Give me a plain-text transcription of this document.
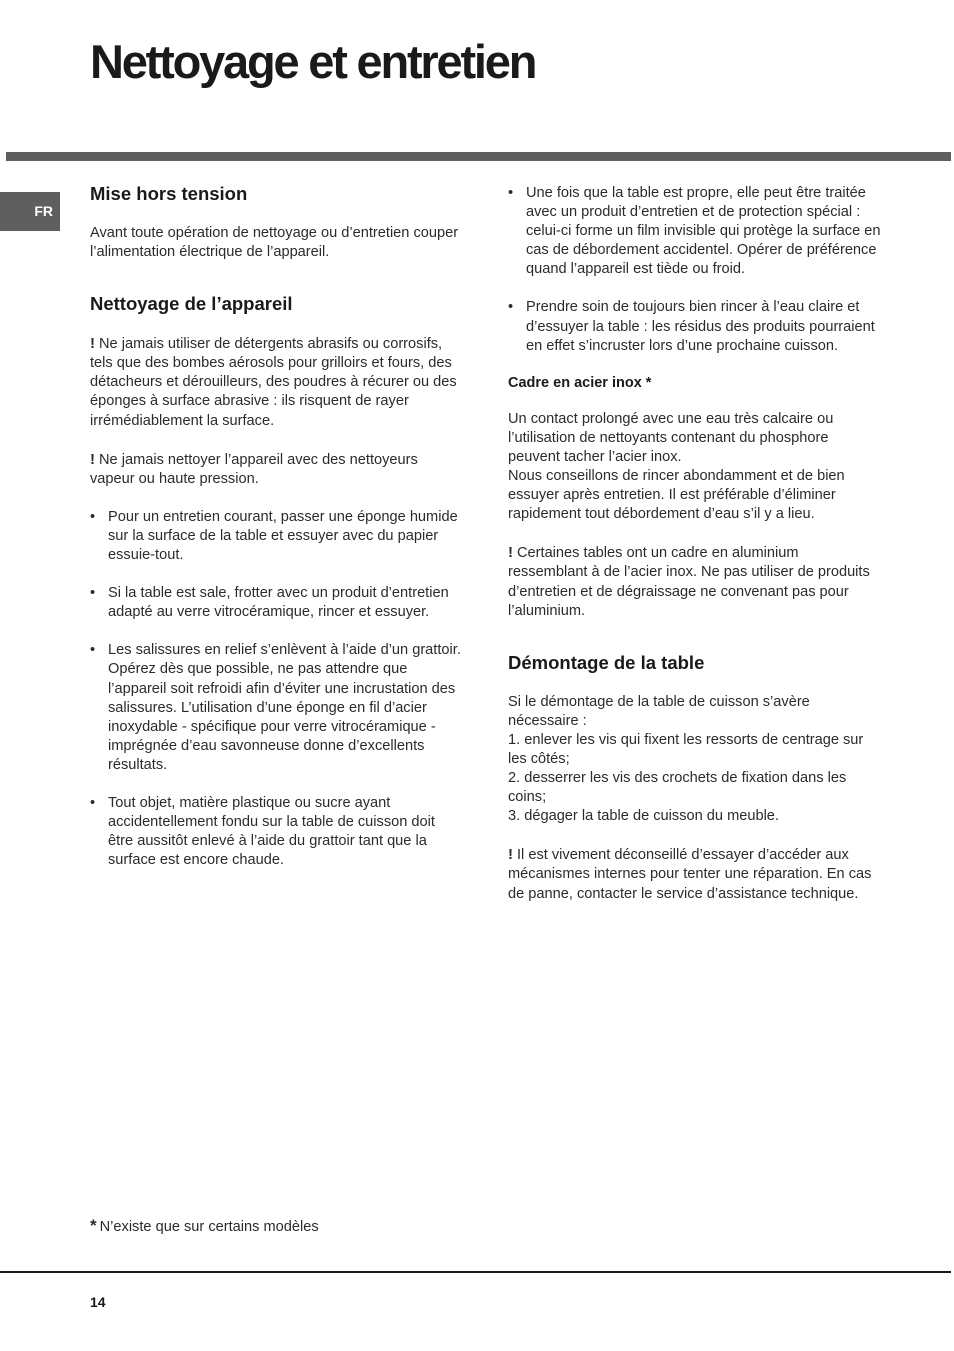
Nettoyage et entretien
FR
Mise hors tension

Avant toute opération de nettoyage ou d’entretien couper l’alimentation électrique de l’appareil.

Nettoyage de l’appareil

! Ne jamais utiliser de détergents abrasifs ou corrosifs, tels que des bombes aérosols pour grilloirs et fours, des détacheurs et dérouilleurs, des poudres à récurer ou des éponges à surface abrasive : ils risquent de rayer irrémédiablement la surface.

! Ne jamais nettoyer l’appareil avec des nettoyeurs vapeur ou haute pression.

• Pour un entretien courant, passer une éponge humide sur la surface de la table et essuyer avec du papier essuie-tout.
• Si la table est sale, frotter avec un produit d’entretien adapté au verre vitrocéramique, rincer et essuyer.
• Les salissures en relief s’enlèvent à l’aide d’un grattoir. Opérez dès que possible, ne pas attendre que l’appareil soit refroidi afin d’éviter une incrustation des salissures. L’utilisation d’une éponge en fil d’acier inoxydable - spécifique pour verre vitrocéramique - imprégnée d’eau savonneuse donne d’excellents résultats.
• Tout objet, matière plastique ou sucre ayant accidentellement fondu sur la table de cuisson doit être aussitôt enlevé à l’aide du grattoir tant que la surface est encore chaude.
• Une fois que la table est propre, elle peut être traitée avec un produit d’entretien et de protection spécial : celui-ci forme un film invisible qui protège la surface en cas de débordement accidentel. Opérer de préférence quand l’appareil est tiède ou froid.
• Prendre soin de toujours bien rincer à l’eau claire et d’essuyer la table : les résidus des produits pourraient en effet s’incruster lors d’une prochaine cuisson.
Cadre en acier inox *

Un contact prolongé avec une eau très calcaire ou l’utilisation de nettoyants contenant du phosphore peuvent tacher l’acier inox.

Nous conseillons de rincer abondamment et de bien essuyer après entretien. Il est préférable d’éliminer rapidement tout débordement d’eau s’il y a lieu.

! Certaines tables ont un cadre en aluminium ressemblant à de l’acier inox. Ne pas utiliser de produits d’entretien et de dégraissage ne convenant pas pour l’aluminium.

Démontage de la table

Si le démontage de la table de cuisson s’avère nécessaire :

1. enlever les vis qui fixent les ressorts de centrage sur les côtés;

2. desserrer les vis des crochets de fixation dans les coins;

3. dégager la table de cuisson du meuble.

! Il est vivement déconseillé d’essayer d’accéder aux mécanismes internes pour tenter une réparation. En cas de panne, contacter le service d’assistance technique.

* N’existe que sur certains modèles
14
